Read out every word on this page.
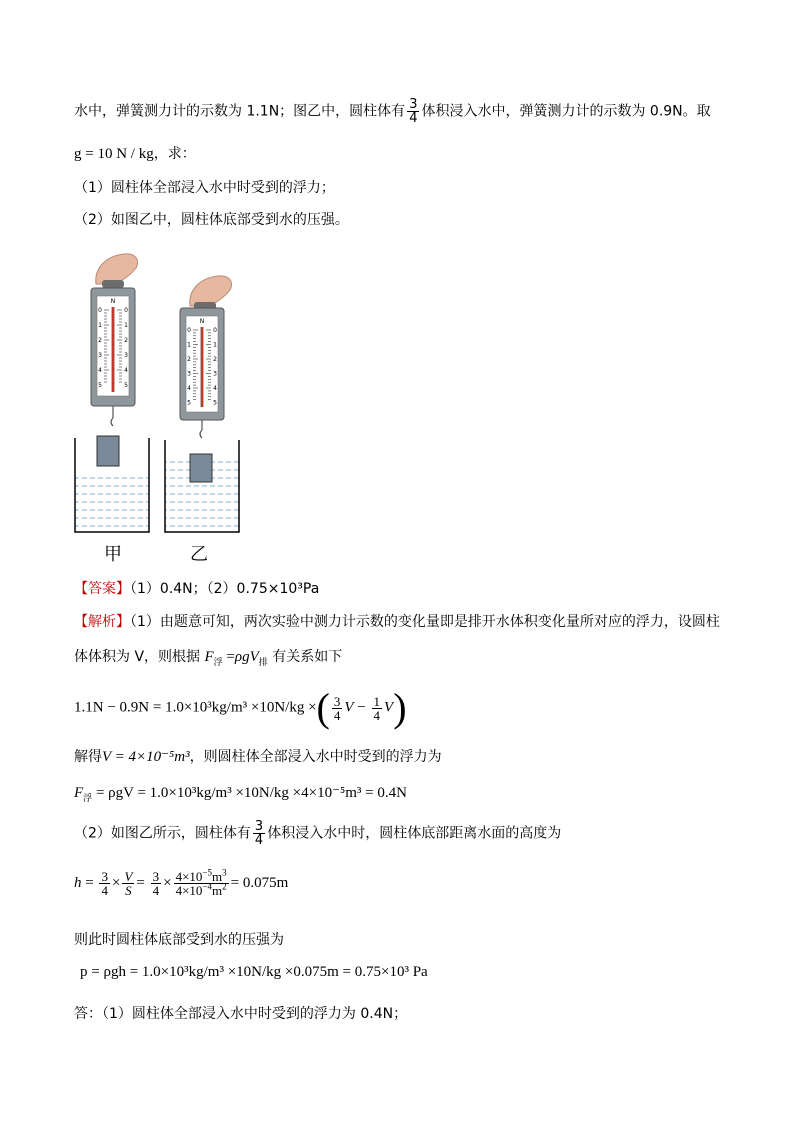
水中，弹簧测力计的示数为 1.1N；图乙中，圆柱体有 $\frac{3}{4}$ 体积浸入水中，弹簧测力计的示数为 0.9N。取
g = 10 N / kg，求：
（1）圆柱体全部浸入水中时受到的浮力；
（2）如图乙中，圆柱体底部受到水的压强。
N
0	0
1	1
2	2
3	3
4	4
5	5
N
0	0
1	1
2	2
3	3
4	4
5	5
甲	乙
【答案】（1）0.4N；（2）0.75×10³Pa
【解析】（1）由题意可知，两次实验中测力计示数的变化量即是排开水体积变化量所对应的浮力，设圆柱
体体积为 V，则根据 $F_浮 =\rho gV_排$ 有关系如下
1.1N − 0.9N = 1.0×10³kg/m³ ×10N/kg ×( $\frac{3}{4}$ $V - \frac{1}{4} V$)
解得V = 4×10⁻⁵m³，则圆柱体全部浸入水中时受到的浮力为
$F_浮 = \rho gV = 1.0\times 10^3kg/m^3 \times 10N/kg \times 4\times 10^{-5}m^3 = 0.4N$
（2）如图乙所示，圆柱体有 $\frac{3}{4}$ 体积浸入水中时，圆柱体底部距离水面的高度为
$h = \frac{3}{4} \times \frac{V}{S} = \frac{3}{4} \times \frac{4\times 10^{-5}m^3}{4\times 10^{-4}m^2} = 0.075m$
则此时圆柱体底部受到水的压强为
p = ρgh = 1.0×10³kg/m³ ×10N/kg ×0.075m = 0.75×10³ Pa
答：（1）圆柱体全部浸入水中时受到的浮力为 0.4N；
